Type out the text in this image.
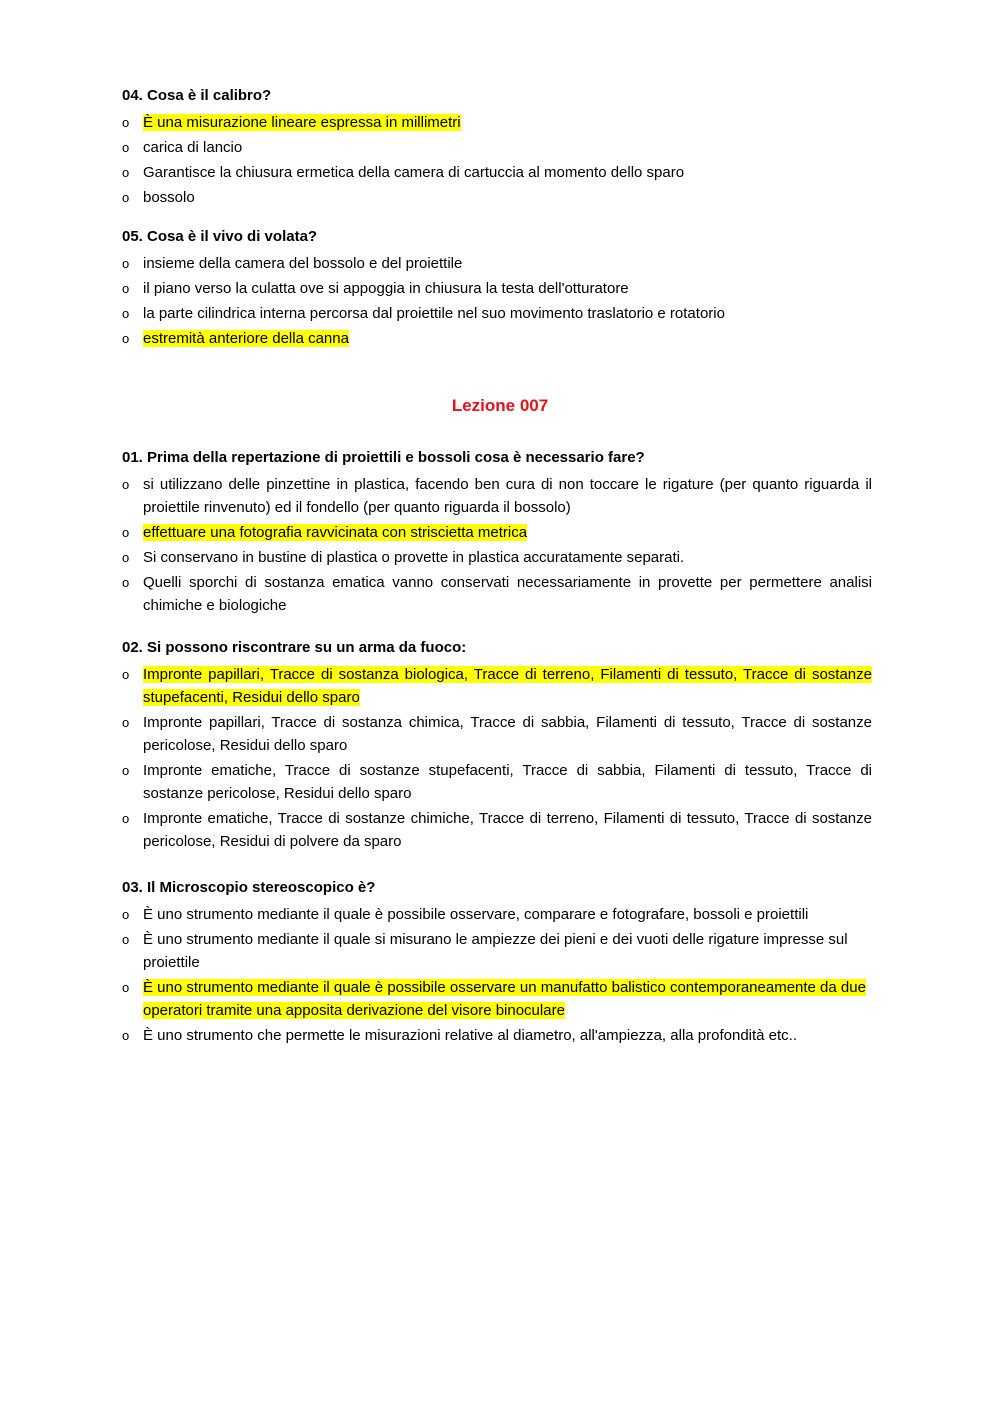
04. Cosa è il calibro?
o È una misurazione lineare espressa in millimetri
o carica di lancio
o Garantisce la chiusura ermetica della camera di cartuccia al momento dello sparo
o bossolo
05. Cosa è il vivo di volata?
o insieme della camera del bossolo e del proiettile
o il piano verso la culatta ove si appoggia in chiusura la testa dell'otturatore
o la parte cilindrica interna percorsa dal proiettile nel suo movimento traslatorio e rotatorio
o estremità anteriore della canna
Lezione 007
01. Prima della repertazione di proiettili e bossoli cosa è necessario fare?
o si utilizzano delle pinzettine in plastica, facendo ben cura di non toccare le rigature (per quanto riguarda il proiettile rinvenuto) ed il fondello (per quanto riguarda il bossolo)
o effettuare una fotografia ravvicinata con striscietta metrica
o Si conservano in bustine di plastica o provette in plastica accuratamente separati.
o Quelli sporchi di sostanza ematica vanno conservati necessariamente in provette per permettere analisi chimiche e biologiche
02. Si possono riscontrare su un arma da fuoco:
o Impronte papillari, Tracce di sostanza biologica, Tracce di terreno, Filamenti di tessuto, Tracce di sostanze stupefacenti, Residui dello sparo
o Impronte papillari, Tracce di sostanza chimica, Tracce di sabbia, Filamenti di tessuto, Tracce di sostanze pericolose, Residui dello sparo
o Impronte ematiche, Tracce di sostanze stupefacenti, Tracce di sabbia, Filamenti di tessuto, Tracce di sostanze pericolose, Residui dello sparo
o Impronte ematiche, Tracce di sostanze chimiche, Tracce di terreno, Filamenti di tessuto, Tracce di sostanze pericolose, Residui di polvere da sparo
03. Il Microscopio stereoscopico è?
o È uno strumento mediante il quale è possibile osservare, comparare e fotografare, bossoli e proiettili
o È uno strumento mediante il quale si misurano le ampiezze dei pieni e dei vuoti delle rigature impresse sul proiettile
o È uno strumento mediante il quale è possibile osservare un manufatto balistico contemporaneamente da due operatori tramite una apposita derivazione del visore binoculare
o È uno strumento che permette le misurazioni relative al diametro, all'ampiezza, alla profondità etc..
